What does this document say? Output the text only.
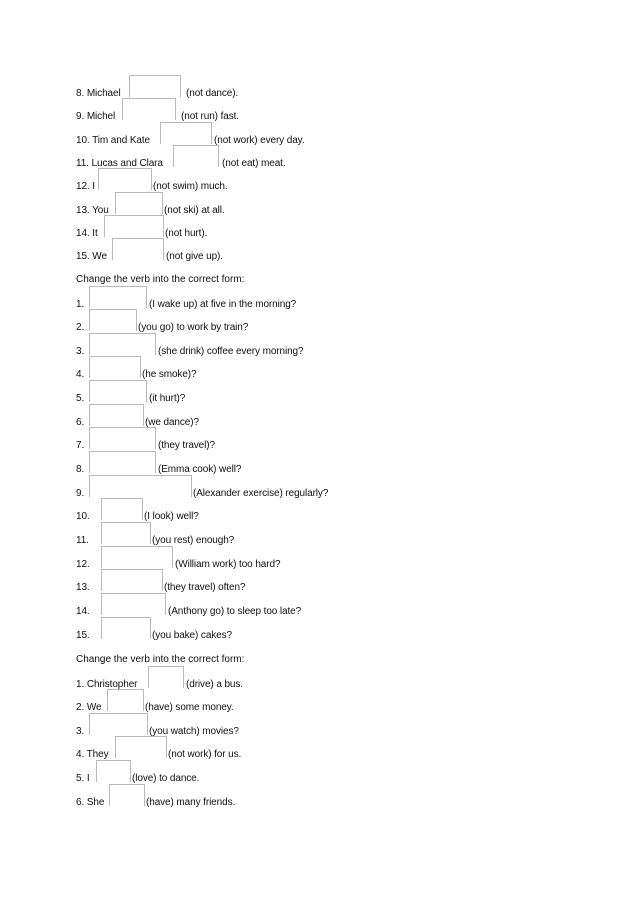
8. Michael	(not dance).
9. Michel	(not run) fast.
10. Tim and Kate	(not work) every day.
11. Lucas and Clara	(not eat) meat.
12. I	(not swim) much.
13. You	(not ski) at all.
14. It	(not hurt).
15. We	(not give up).
Change the verb into the correct form:
1.	(I wake up) at five in the morning?
2.	(you go) to work by train?
3.	(she drink) coffee every morning?
4.	(he smoke)?
5.	(it hurt)?
6.	(we dance)?
7.	(they travel)?
8.	(Emma cook) well?
9.	(Alexander exercise) regularly?
10.	(I look) well?
11.	(you rest) enough?
12.	(William work) too hard?
13.	(they travel) often?
14.	(Anthony go) to sleep too late?
15.	(you bake) cakes?
Change the verb into the correct form:
1. Christopher	(drive) a bus.
2. We	(have) some money.
3.	(you watch) movies?
4. They	(not work) for us.
5. I	(love) to dance.
6. She	(have) many friends.
